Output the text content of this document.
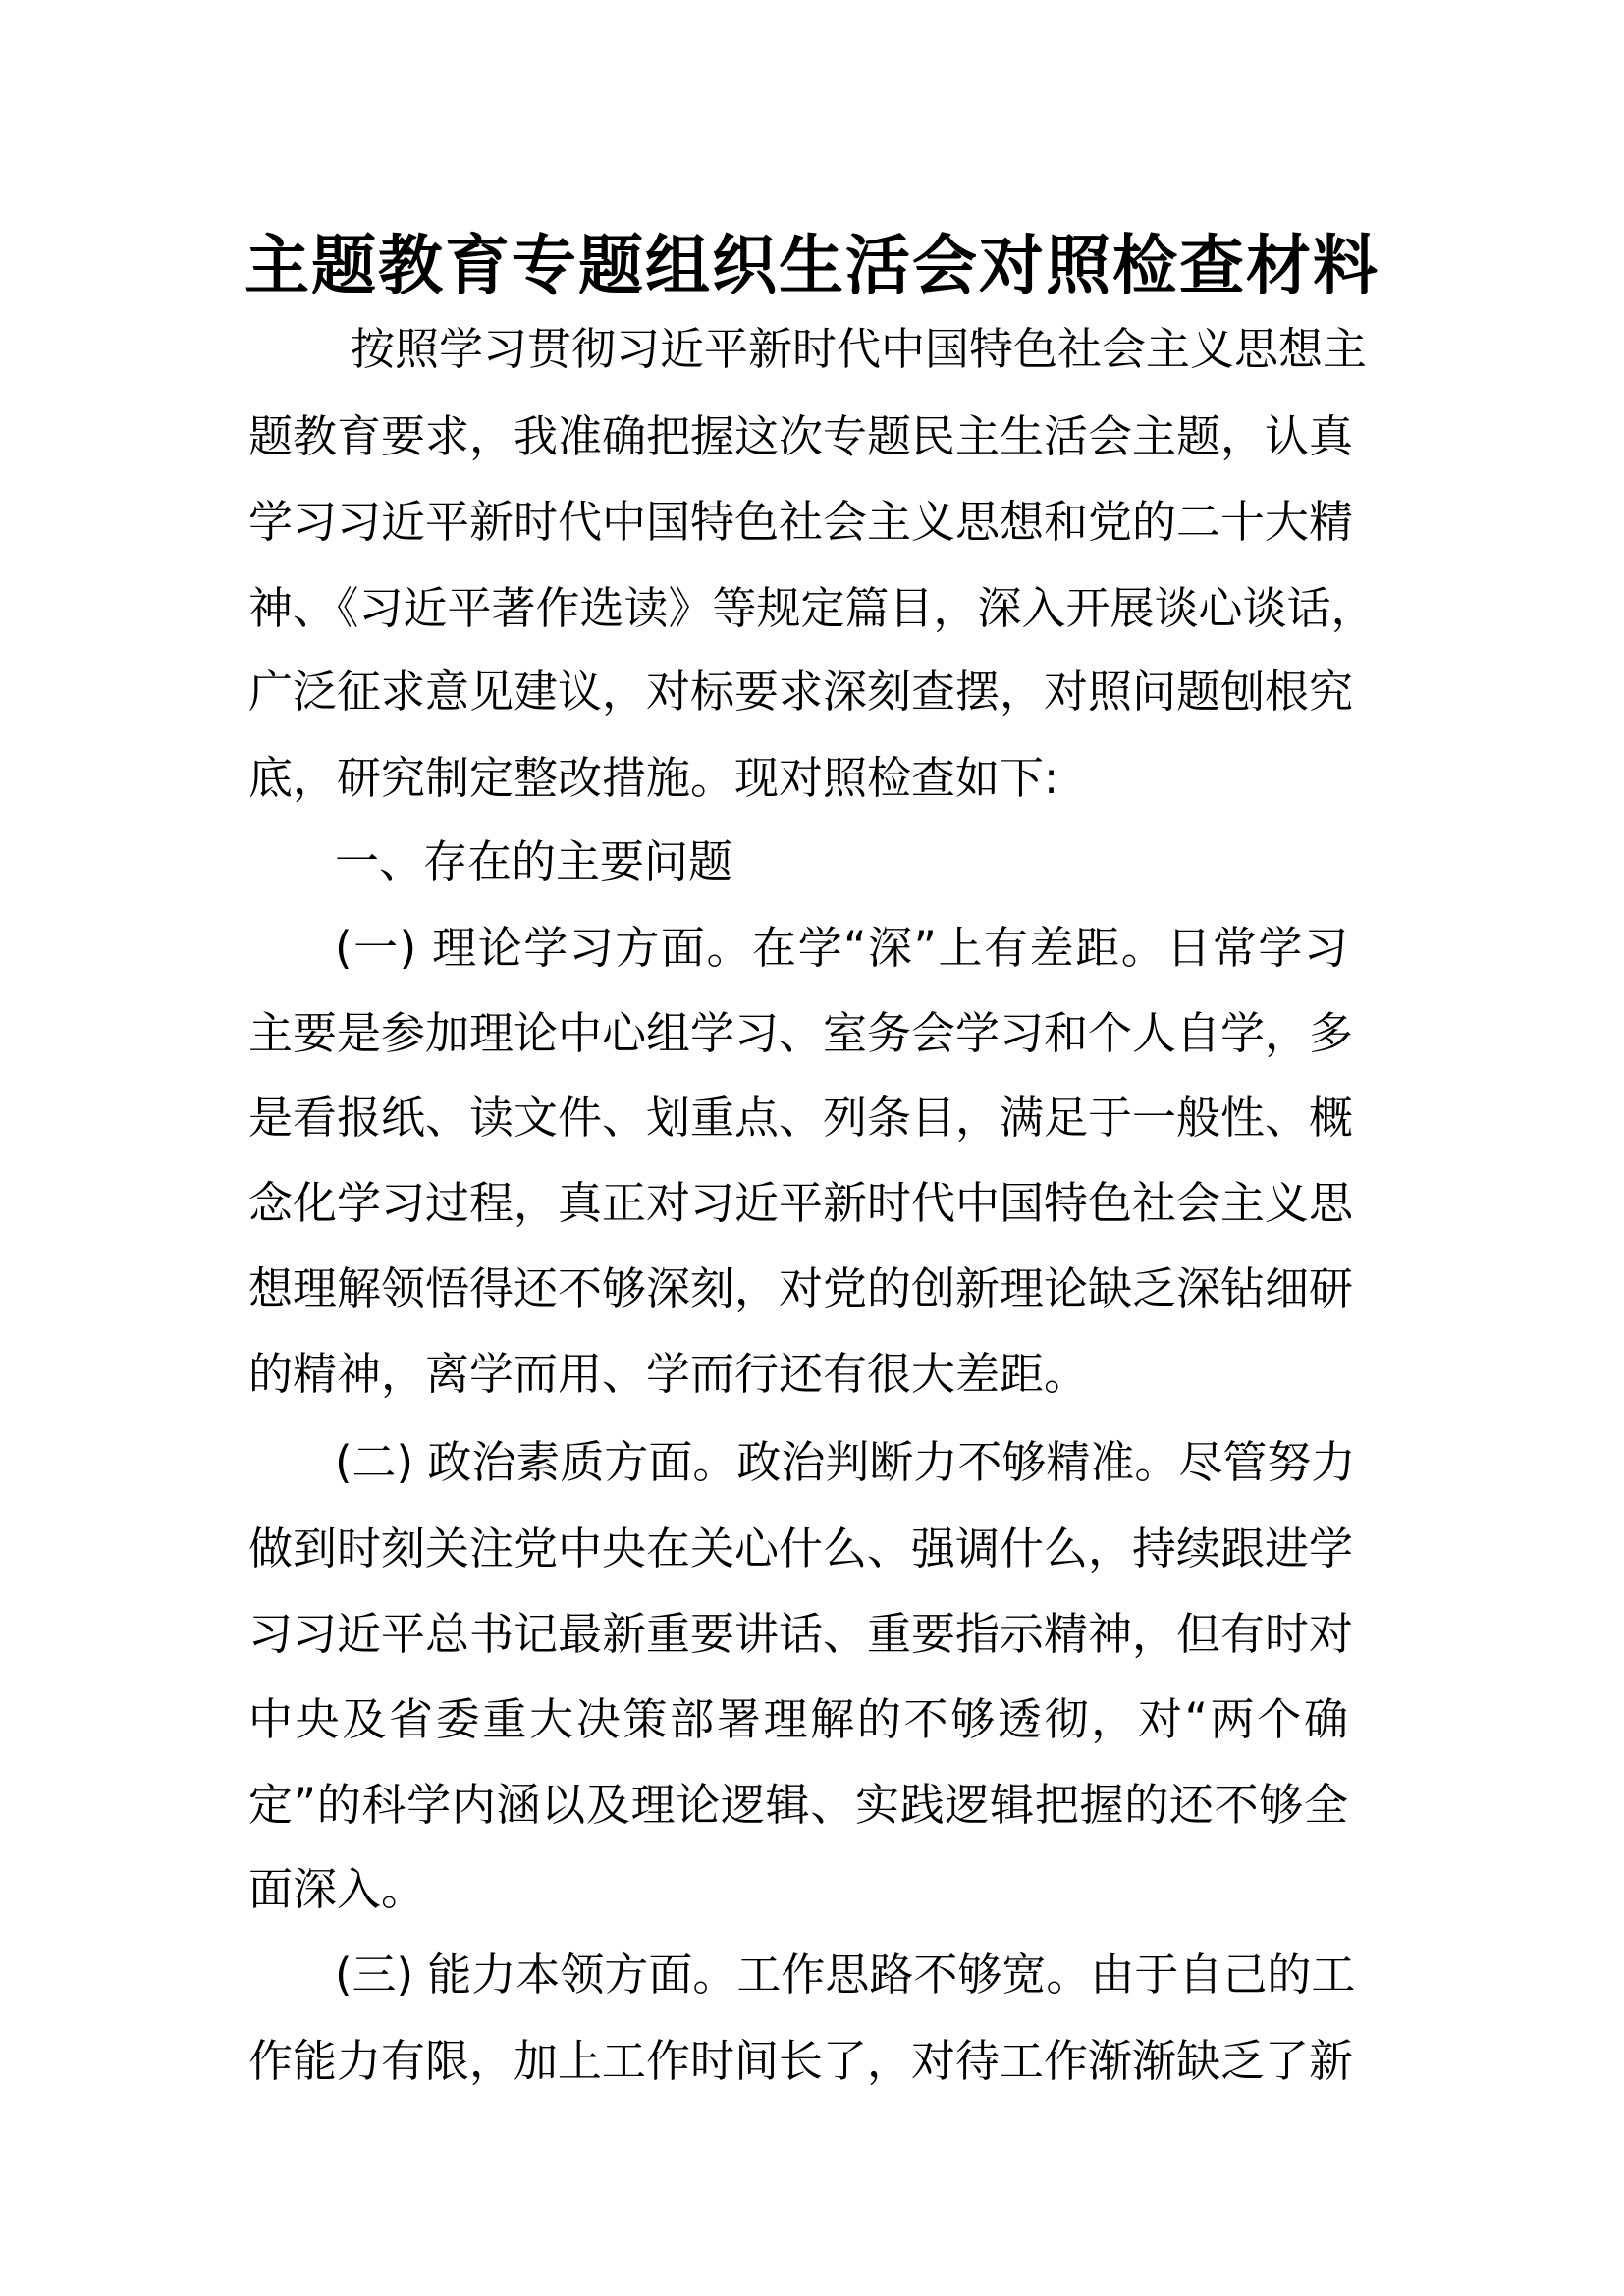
主题教育专题组织生活会对照检查材料
按照学习贯彻习近平新时代中国特色社会主义思想主
题教育要求，我准确把握这次专题民主生活会主题，认真
学习习近平新时代中国特色社会主义思想和党的二十大精
神、《习近平著作选读》等规定篇目，深入开展谈心谈话，
广泛征求意见建议，对标要求深刻查摆，对照问题刨根究
底，研究制定整改措施。现对照检查如下:
一、存在的主要问题
(一) 理论学习方面。在学“深”上有差距。日常学习
主要是参加理论中心组学习、室务会学习和个人自学，多
是看报纸、读文件、划重点、列条目，满足于一般性、概
念化学习过程，真正对习近平新时代中国特色社会主义思
想理解领悟得还不够深刻，对党的创新理论缺乏深钻细研
的精神，离学而用、学而行还有很大差距。
(二) 政治素质方面。政治判断力不够精准。尽管努力
做到时刻关注党中央在关心什么、强调什么，持续跟进学
习习近平总书记最新重要讲话、重要指示精神，但有时对
中央及省委重大决策部署理解的不够透彻，对“两个确
定”的科学内涵以及理论逻辑、实践逻辑把握的还不够全
面深入。
(三) 能力本领方面。工作思路不够宽。由于自己的工
作能力有限，加上工作时间长了，对待工作渐渐缺乏了新
